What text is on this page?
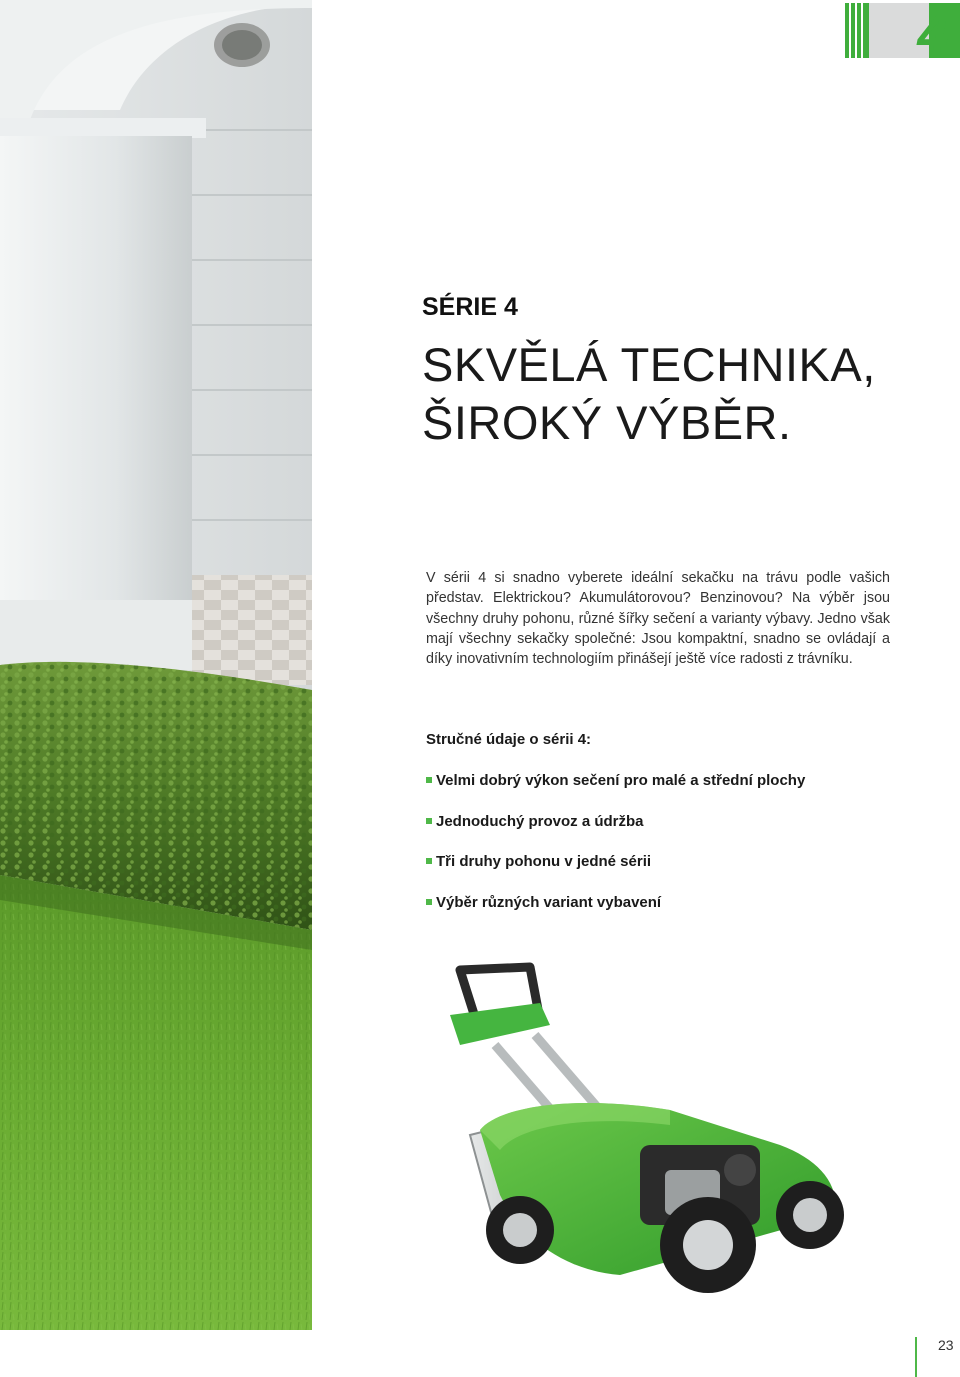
4
SÉRIE 4
SKVĚLÁ TECHNIKA,
ŠIROKÝ VÝBĚR.

V sérii 4 si snadno vyberete ideální sekačku na trávu podle vašich představ. Elektrickou? Akumulátorovou? Benzinovou? Na výběr jsou všechny druhy pohonu, různé šířky sečení a varianty výbavy. Jedno však mají všechny sekačky společné: Jsou kompaktní, snadno se ovládají a díky inovativním technologiím přinášejí ještě více radosti z trávníku.

Stručné údaje o sérii 4:
Velmi dobrý výkon sečení pro malé a střední plochy
Jednoduchý provoz a údržba
Tři druhy pohonu v jedné sérii
Výběr různých variant vybavení
23
